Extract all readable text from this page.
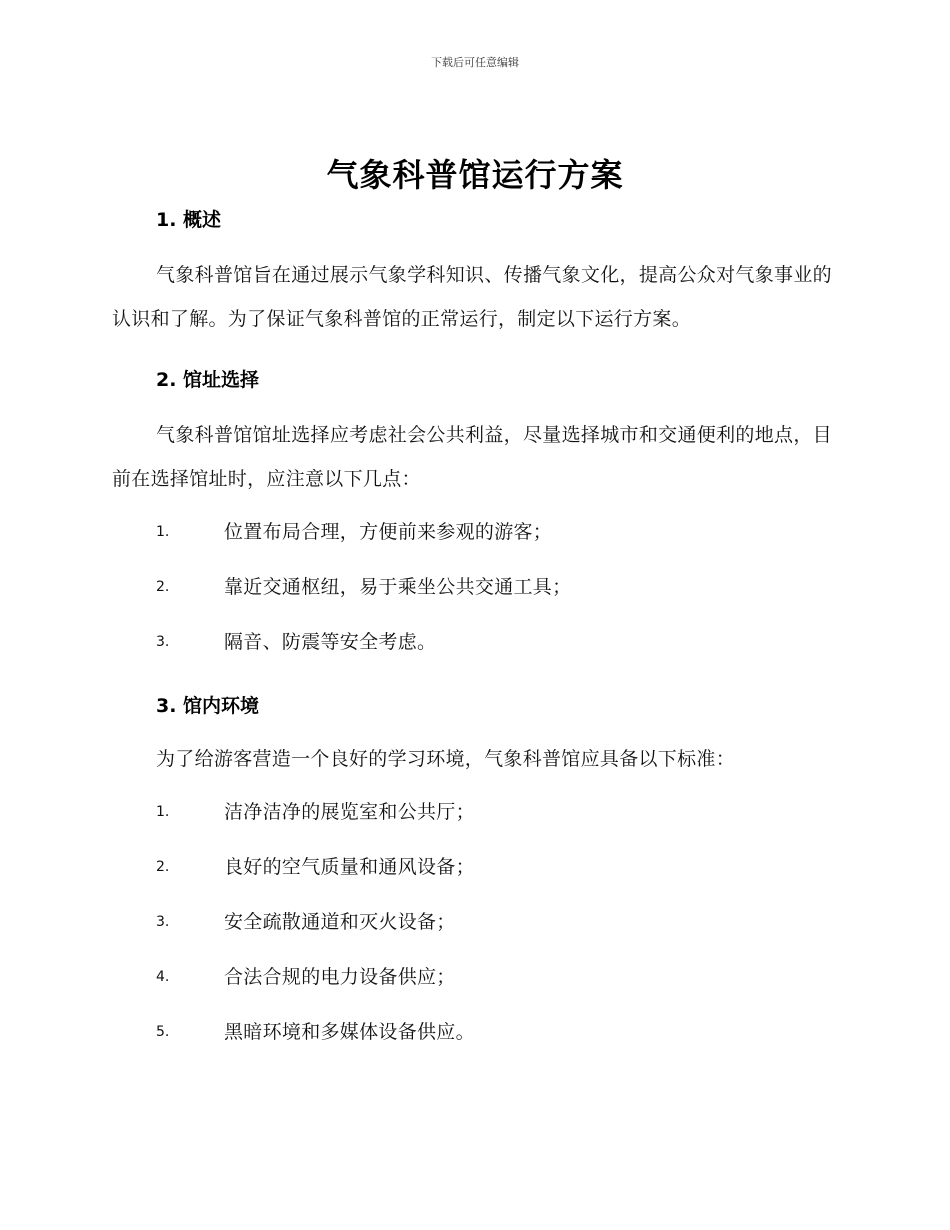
下载后可任意编辑
气象科普馆运行方案
1. 概述

气象科普馆旨在通过展示气象学科知识、传播气象文化，提高公众对气象事业的认识和了解。为了保证气象科普馆的正常运行，制定以下运行方案。

2. 馆址选择

气象科普馆馆址选择应考虑社会公共利益，尽量选择城市和交通便利的地点，目前在选择馆址时，应注意以下几点：

1.	位置布局合理，方便前来参观的游客；
2.	靠近交通枢纽，易于乘坐公共交通工具；
3.	隔音、防震等安全考虑。
3. 馆内环境

为了给游客营造一个良好的学习环境，气象科普馆应具备以下标准：

1.	洁净洁净的展览室和公共厅；
2.	良好的空气质量和通风设备；
3.	安全疏散通道和灭火设备；
4.	合法合规的电力设备供应；
5.	黑暗环境和多媒体设备供应。
